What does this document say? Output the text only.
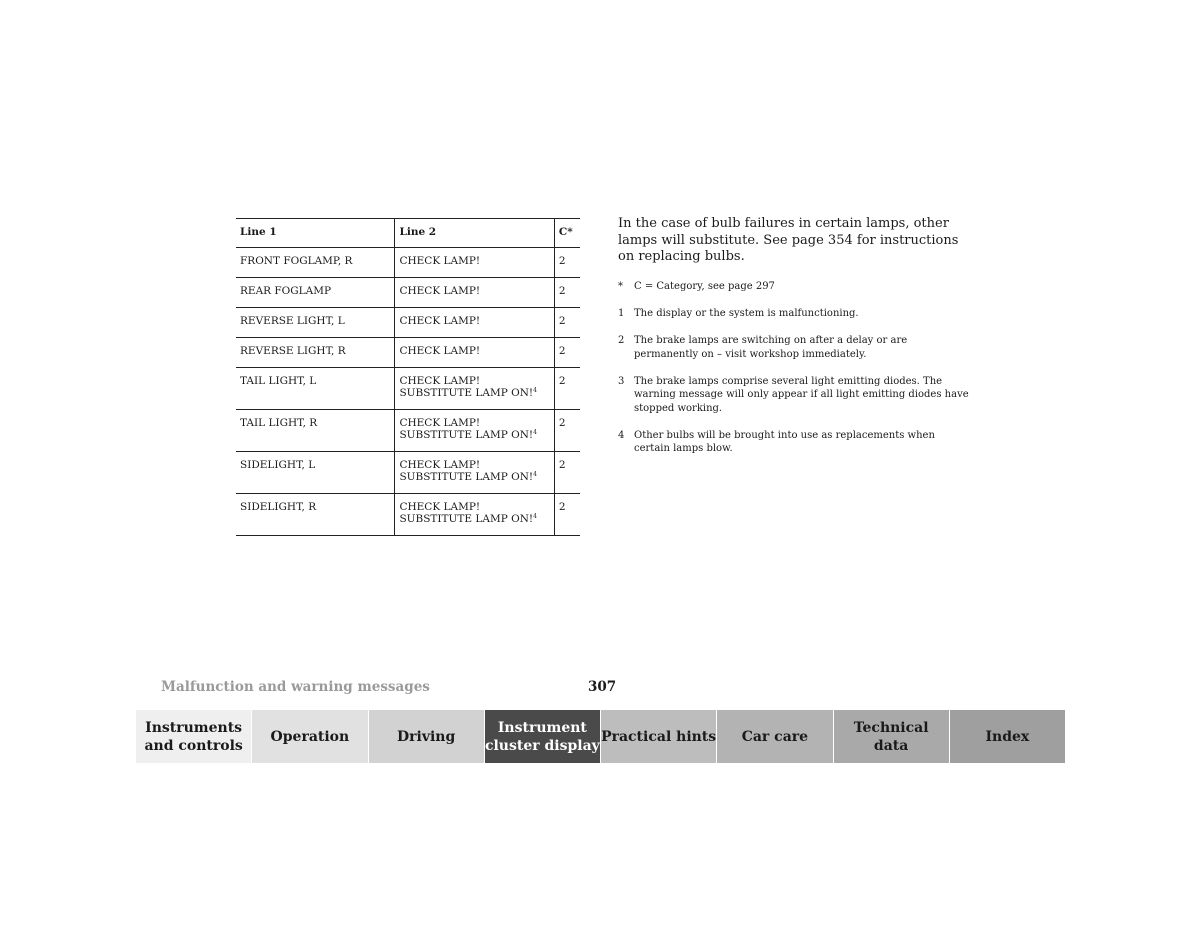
Line 1	Line 2	C*
FRONT FOGLAMP, R	CHECK LAMP!	2
REAR FOGLAMP	CHECK LAMP!	2
REVERSE LIGHT, L	CHECK LAMP!	2
REVERSE LIGHT, R	CHECK LAMP!	2
TAIL LIGHT, L	CHECK LAMP!
SUBSTITUTE LAMP ON!$^4$	2
TAIL LIGHT, R	CHECK LAMP!
SUBSTITUTE LAMP ON!$^4$	2
SIDELIGHT, L	CHECK LAMP!
SUBSTITUTE LAMP ON!$^4$	2
SIDELIGHT, R	CHECK LAMP!
SUBSTITUTE LAMP ON!$^4$	2

In the case of bulb failures in certain lamps, other lamps will substitute. See page 354 for instructions on replacing bulbs.

*	C = Category, see page 297
1 The display or the system is malfunctioning.
2 The brake lamps are switching on after a delay or are permanently on – visit workshop immediately.
3 The brake lamps comprise several light emitting diodes. The warning message will only appear if all light emitting diodes have stopped working.
4 Other bulbs will be brought into use as replacements when certain lamps blow.
Malfunction and warning messages	307
Instruments
and controls
Operation	Driving
Instrument
cluster display
Practical hints Car care
Technical
data
Index
